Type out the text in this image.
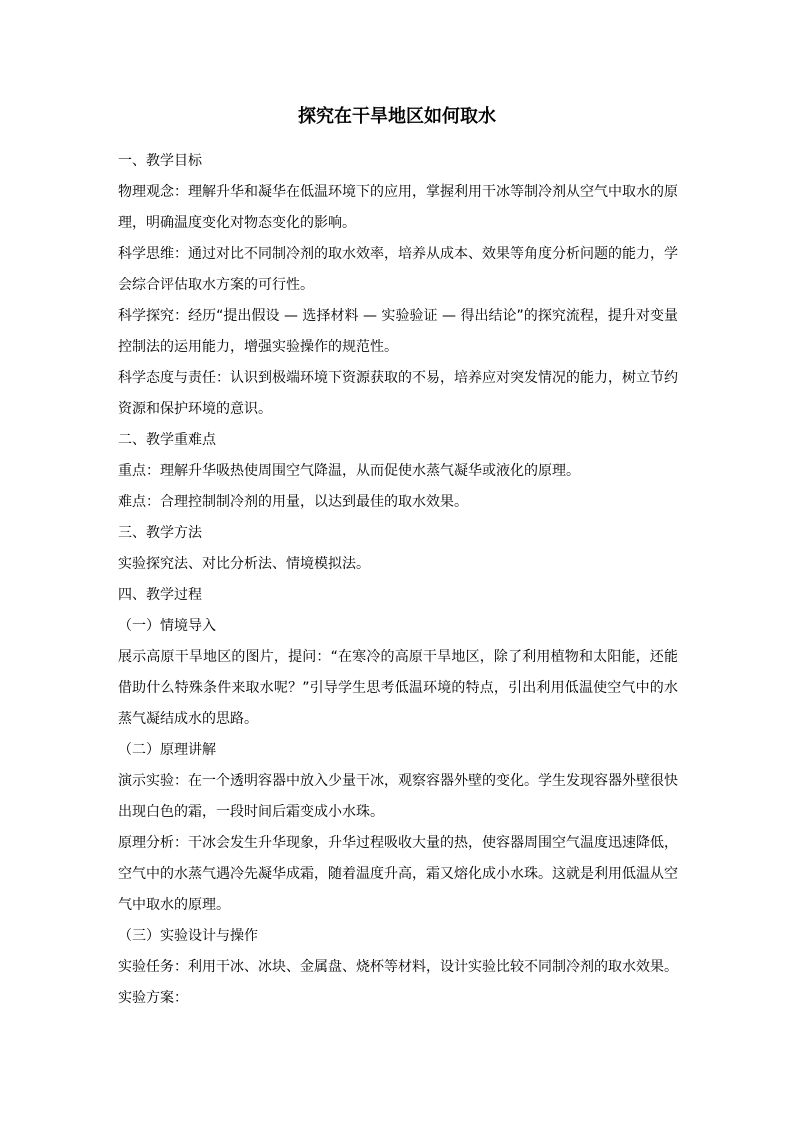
探究在干旱地区如何取水

一、教学目标

物理观念：理解升华和凝华在低温环境下的应用，掌握利用干冰等制冷剂从空气中取水的原理，明确温度变化对物态变化的影响。

科学思维：通过对比不同制冷剂的取水效率，培养从成本、效果等角度分析问题的能力，学会综合评估取水方案的可行性。

科学探究：经历“提出假设 — 选择材料 — 实验验证 — 得出结论”的探究流程，提升对变量控制法的运用能力，增强实验操作的规范性。

科学态度与责任：认识到极端环境下资源获取的不易，培养应对突发情况的能力，树立节约资源和保护环境的意识。

二、教学重难点

重点：理解升华吸热使周围空气降温，从而促使水蒸气凝华或液化的原理。

难点：合理控制制冷剂的用量，以达到最佳的取水效果。

三、教学方法

实验探究法、对比分析法、情境模拟法。

四、教学过程

（一）情境导入

展示高原干旱地区的图片，提问：“在寒冷的高原干旱地区，除了利用植物和太阳能，还能借助什么特殊条件来取水呢？”引导学生思考低温环境的特点，引出利用低温使空气中的水蒸气凝结成水的思路。

（二）原理讲解

演示实验：在一个透明容器中放入少量干冰，观察容器外壁的变化。学生发现容器外壁很快出现白色的霜，一段时间后霜变成小水珠。

原理分析：干冰会发生升华现象，升华过程吸收大量的热，使容器周围空气温度迅速降低，空气中的水蒸气遇冷先凝华成霜，随着温度升高，霜又熔化成小水珠。这就是利用低温从空气中取水的原理。

（三）实验设计与操作

实验任务：利用干冰、冰块、金属盘、烧杯等材料，设计实验比较不同制冷剂的取水效果。

实验方案：
